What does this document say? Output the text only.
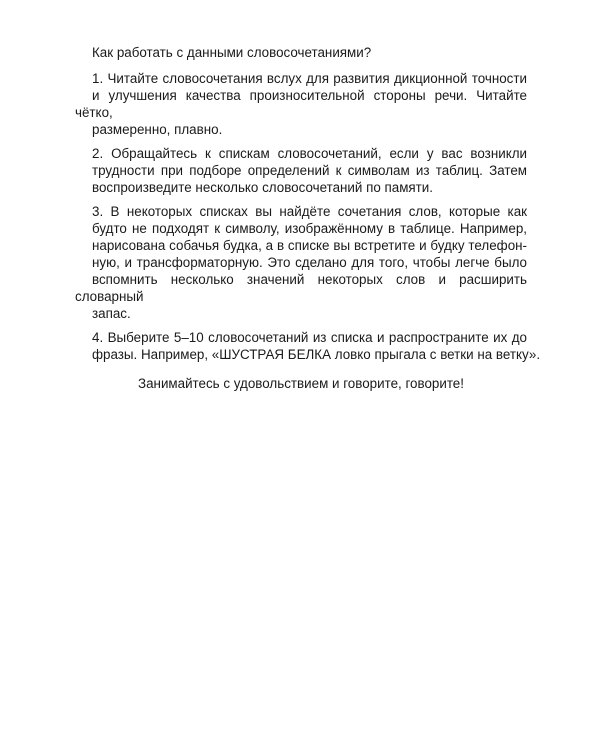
Как работать с данными словосочетаниями?

1. Читайте словосочетания вслух для развития дикционной точности
и улучшения качества произносительной стороны речи. Читайте чётко,
размеренно, плавно.
2. Обращайтесь к спискам словосочетаний, если у вас возникли
трудности при подборе определений к символам из таблиц. Затем
воспроизведите несколько словосочетаний по памяти.
3. В некоторых списках вы найдёте сочетания слов, которые как
будто не подходят к символу, изображённому в таблице. Например,
нарисована собачья будка, а в списке вы встретите и будку телефон-
ную, и трансформаторную. Это сделано для того, чтобы легче было
вспомнить несколько значений некоторых слов и расширить словарный
запас.
4. Выберите 5–10 словосочетаний из списка и распространите их до
фразы. Например, «ШУСТРАЯ БЕЛКА ловко прыгала с ветки на ветку».

Занимайтесь с удовольствием и говорите, говорите!
